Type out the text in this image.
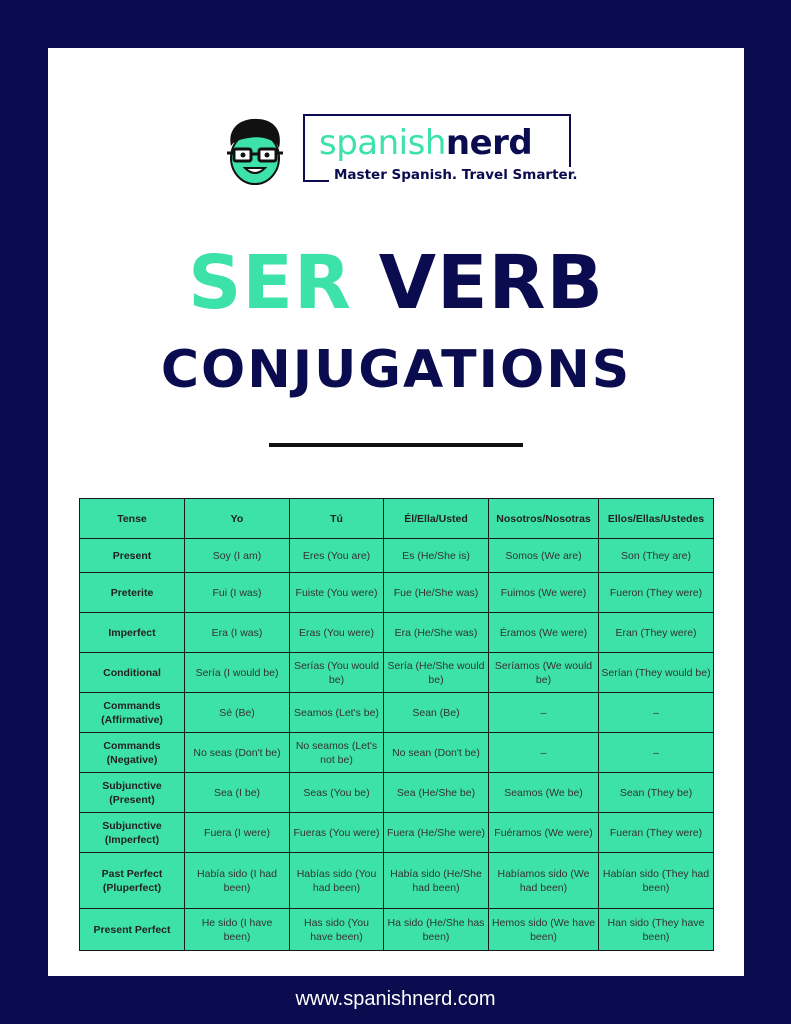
spanishnerd
Master Spanish. Travel Smarter.
SER VERB
CONJUGATIONS
Tense	Yo	Tú	Él/Ella/Usted	Nosotros/Nosotras	Ellos/Ellas/Ustedes
Present	Soy (I am)	Eres (You are)	Es (He/She is)	Somos (We are)	Son (They are)
Preterite	Fui (I was)	Fuiste (You were)	Fue (He/She was)	Fuimos (We were)	Fueron (They were)
Imperfect	Era (I was)	Eras (You were)	Era (He/She was)	Éramos (We were)	Eran (They were)
Conditional	Sería (I would be)	Serías (You would be)	Sería (He/She would be)	Seríamos (We would be)	Serían (They would be)
Commands (Affirmative)	Sé (Be)	Seamos (Let's be)	Sean (Be)	–	–
Commands (Negative)	No seas (Don't be)	No seamos (Let's not be)	No sean (Don't be)	–	–
Subjunctive (Present)	Sea (I be)	Seas (You be)	Sea (He/She be)	Seamos (We be)	Sean (They be)
Subjunctive (Imperfect)	Fuera (I were)	Fueras (You were)	Fuera (He/She were)	Fuéramos (We were)	Fueran (They were)
Past Perfect (Pluperfect)	Había sido (I had been)	Habías sido (You had been)	Había sido (He/She had been)	Habíamos sido (We had been)	Habían sido (They had been)
Present Perfect	He sido (I have been)	Has sido (You have been)	Ha sido (He/She has been)	Hemos sido (We have been)	Han sido (They have been)
www.spanishnerd.com
